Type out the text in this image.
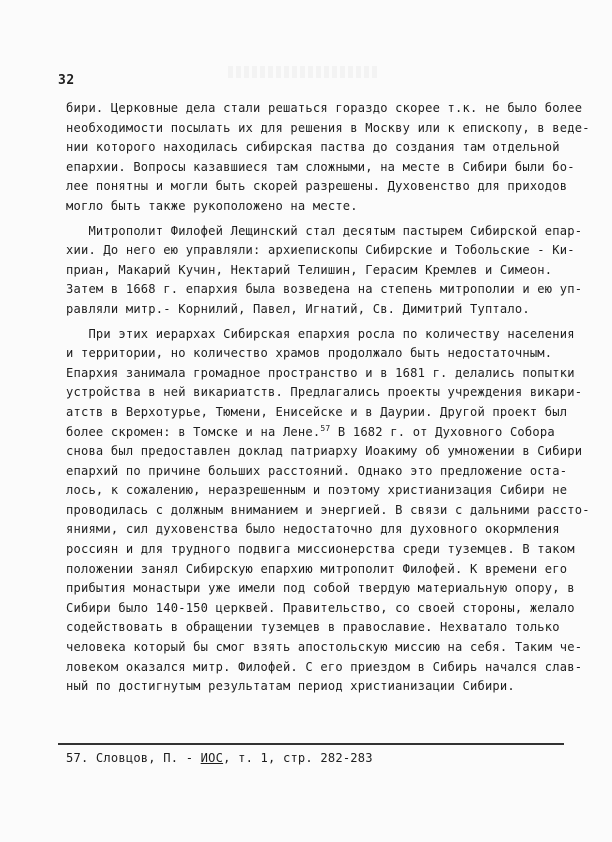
32
бири. Церковные дела стали решаться гораздо скорее т.к. не было более
необходимости посылать их для решения в Москву или к епископу, в веде-
нии которого находилась сибирская паства до создания там отдельной
епархии. Вопросы казавшиеся там сложными, на месте в Сибири были бо-
лее понятны и могли быть скорей разрешены. Духовенство для приходов
могло быть также рукоположено на месте.
Митрополит Филофей Лещинский стал десятым пастырем Сибирской епар-
хии. До него ею управляли: архиепископы Сибирские и Тобольские - Ки-
приан, Макарий Кучин, Нектарий Телишин, Герасим Кремлев и Симеон.
Затем в 1668 г. епархия была возведена на степень митрополии и ею уп-
равляли митр.- Корнилий, Павел, Игнатий, Св. Димитрий Туптало.
При этих иерархах Сибирская епархия росла по количеству населения
и территории, но количество храмов продолжало быть недостаточным.
Епархия занимала громадное пространство и в 1681 г. делались попытки
устройства в ней викариатств. Предлагались проекты учреждения викари-
атств в Верхотурье, Тюмени, Енисейске и в Даурии. Другой проект был
более скромен: в Томске и на Лене.$^{57}$ В 1682 г. от Духовного Собора
снова был предоставлен доклад патриарху Иоакиму об умножении в Сибири
епархий по причине больших расстояний. Однако это предложение оста-
лось, к сожалению, неразрешенным и поэтому христианизация Сибири не
проводилась с должным вниманием и энергией. В связи с дальними рассто-
яниями, сил духовенства было недостаточно для духовного окормления
россиян и для трудного подвига миссионерства среди туземцев. В таком
положении занял Сибирскую епархию митрополит Филофей. К времени его
прибытия монастыри уже имели под собой твердую материальную опору, в
Сибири было 140-150 церквей. Правительство, со своей стороны, желало
содействовать в обращении туземцев в православие. Нехватало только
человека который бы смог взять апостольскую миссию на себя. Таким че-
ловеком оказался митр. Филофей. С его приездом в Сибирь начался слав-
ный по достигнутым результатам период христианизации Сибири.
57. Словцов, П. - ИОС, т. 1, стр. 282-283
